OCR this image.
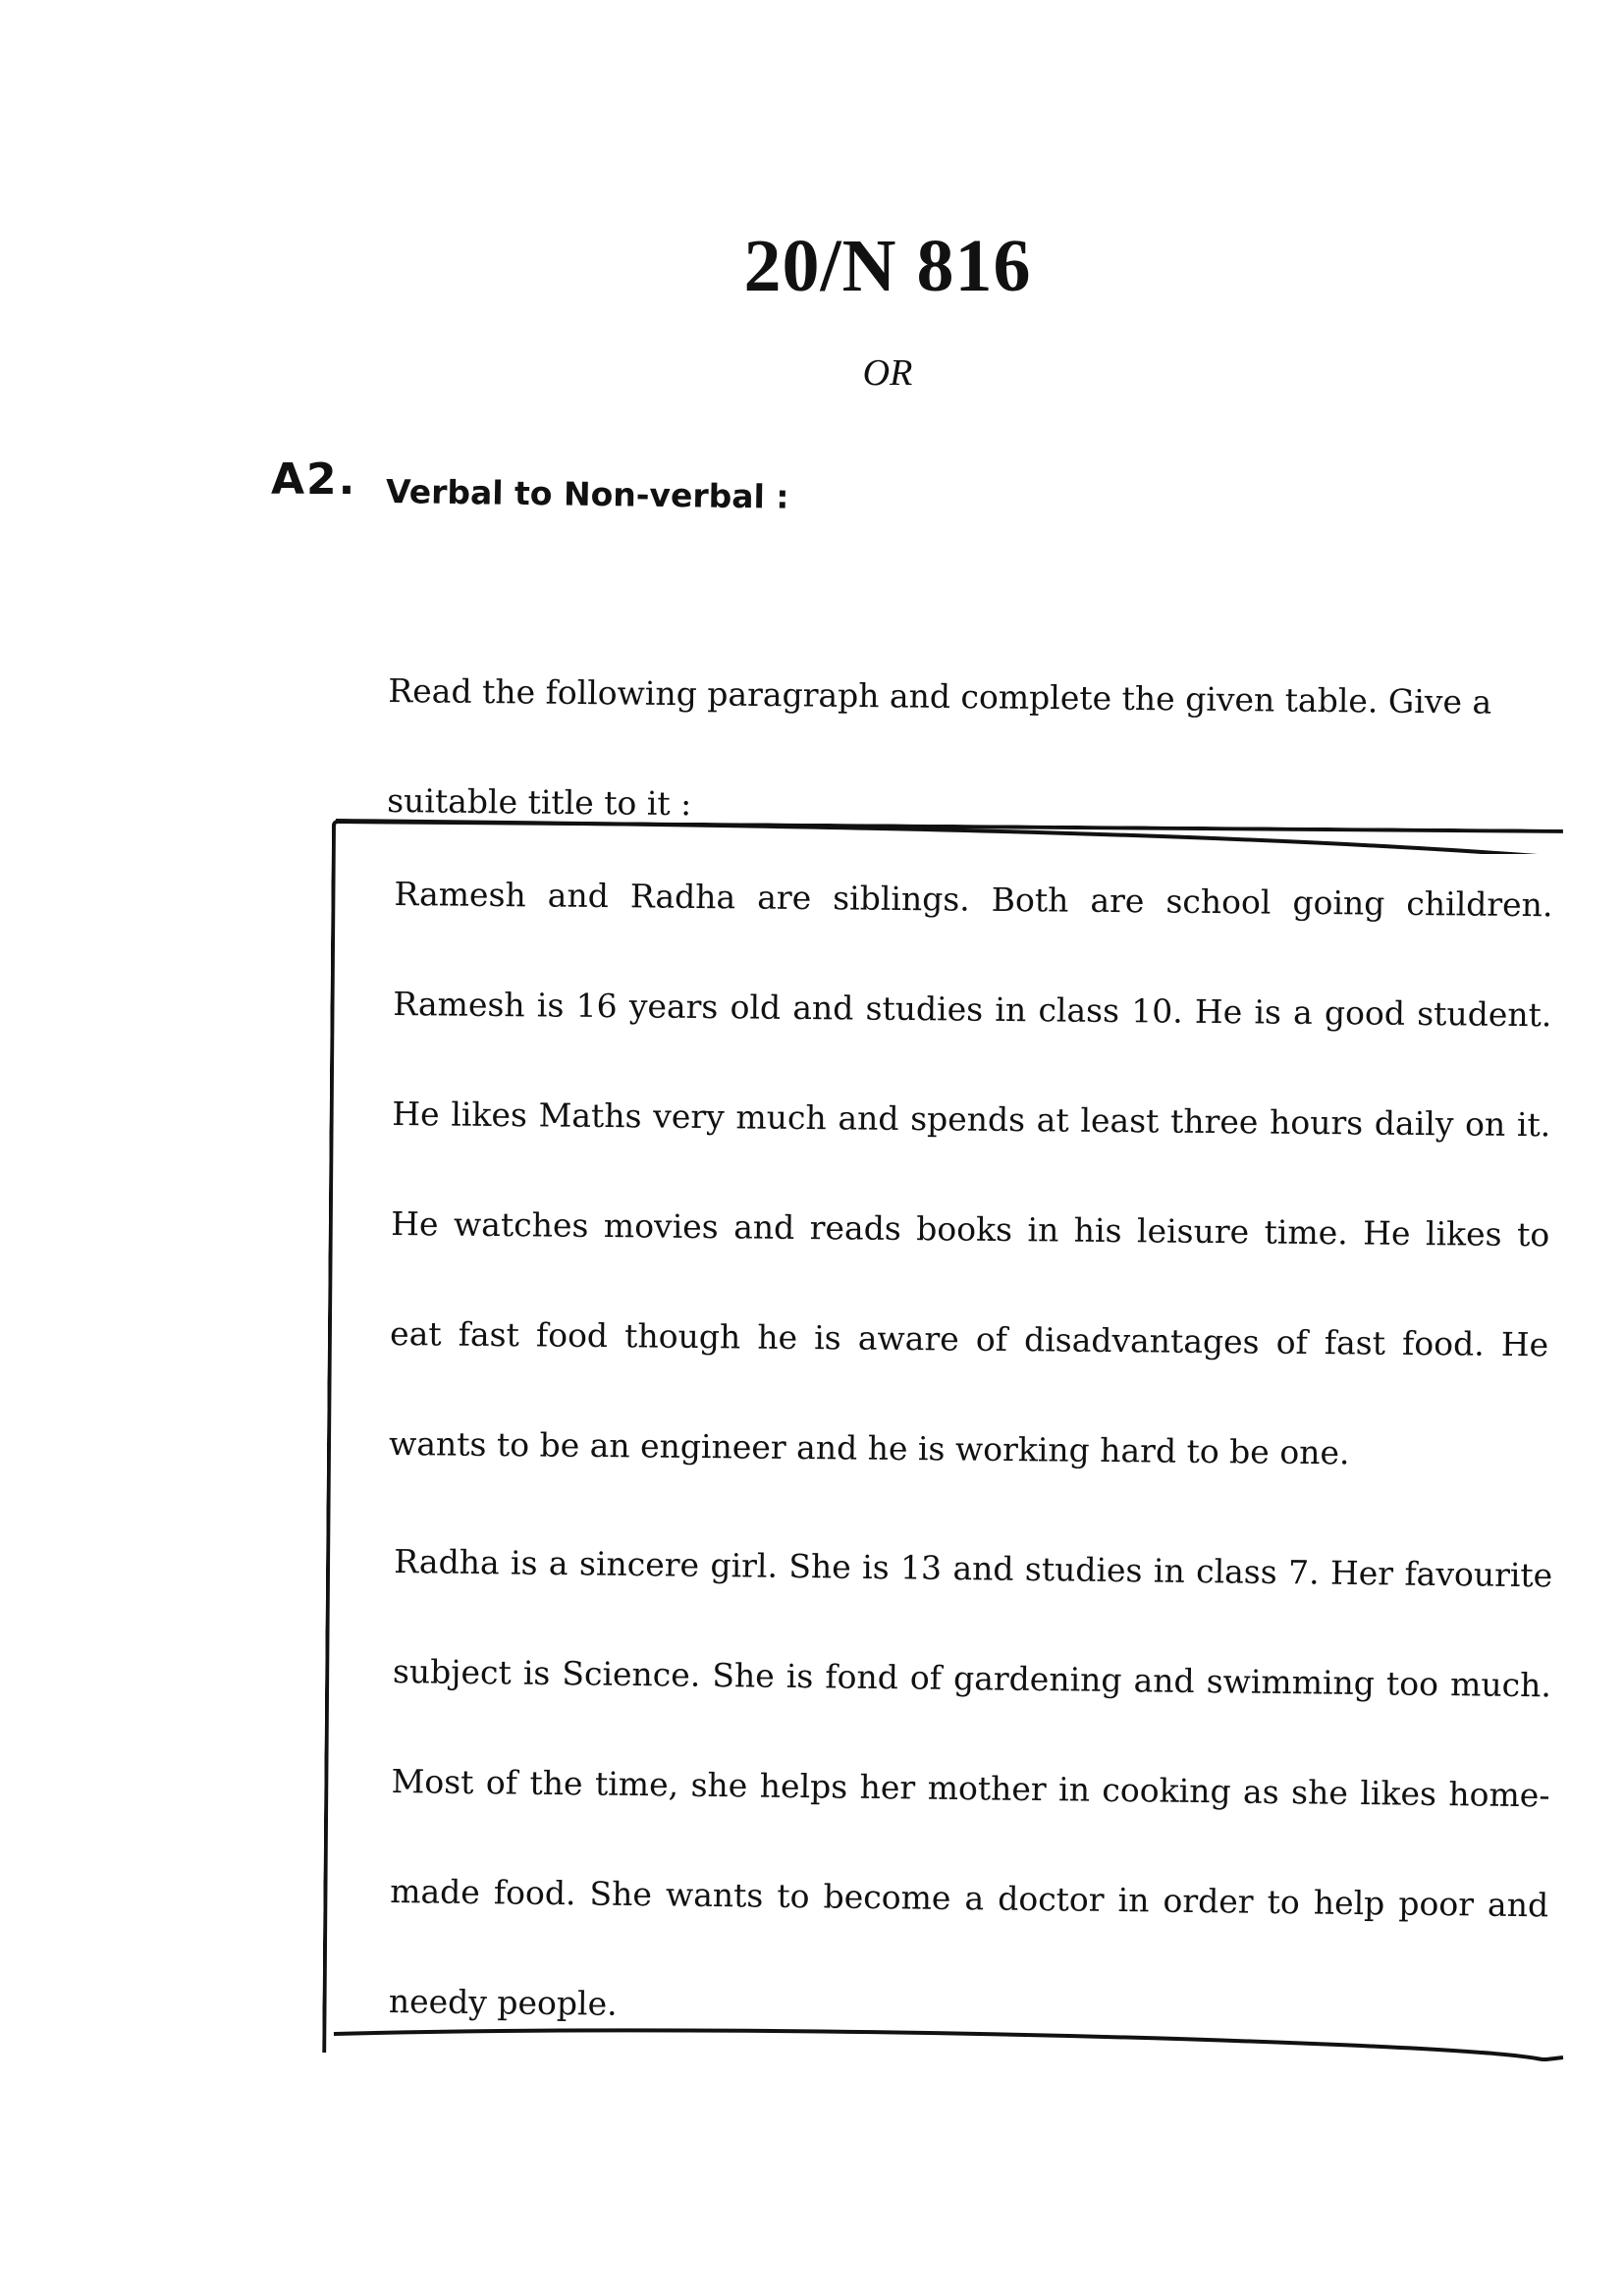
20/N 816
OR
A2. Verbal to Non-verbal :

Read the following paragraph and complete the given table. Give a suitable title to it :

Ramesh and Radha are siblings. Both are school going children. Ramesh is 16 years old and studies in class 10. He is a good student. He likes Maths very much and spends at least three hours daily on it. He watches movies and reads books in his leisure time. He likes to eat fast food though he is aware of disadvantages of fast food. He wants to be an engineer and he is working hard to be one.

Radha is a sincere girl. She is 13 and studies in class 7. Her favourite subject is Science. She is fond of gardening and swimming too much. Most of the time, she helps her mother in cooking as she likes home-made food. She wants to become a doctor in order to help poor and needy people.
